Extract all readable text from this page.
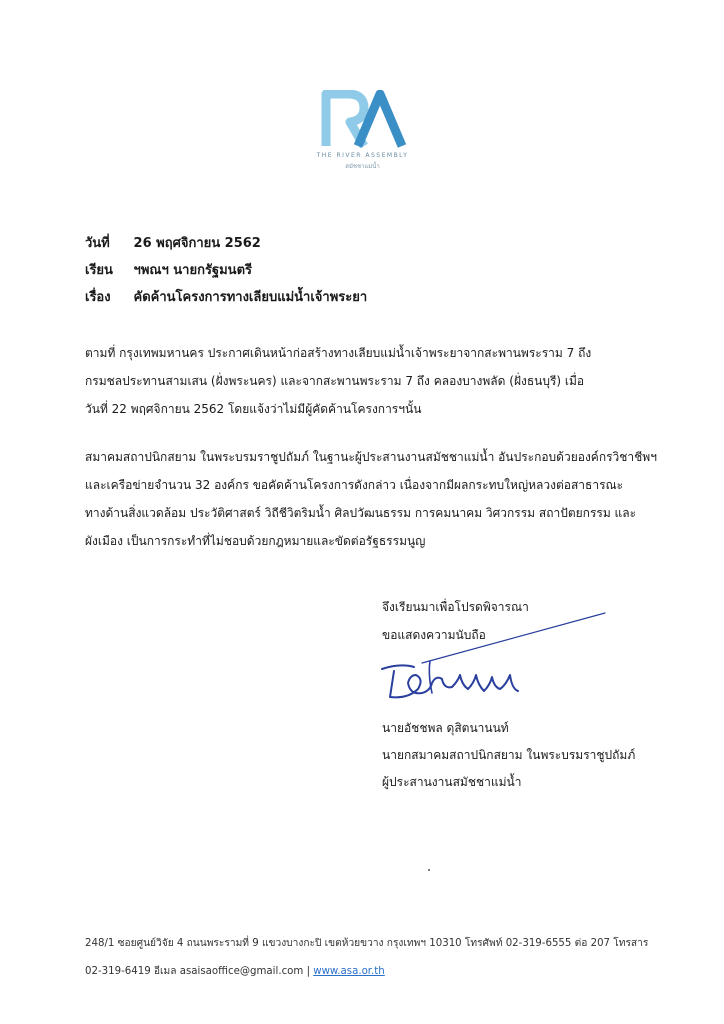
THE RIVER ASSEMBLY
สมัชชาแม่น้ำ
วันที่ 26 พฤศจิกายน 2562
เรียน ฯพณฯ นายกรัฐมนตรี
เรื่อง คัดค้านโครงการทางเลียบแม่น้ำเจ้าพระยา
ตามที่ กรุงเทพมหานคร ประกาศเดินหน้าก่อสร้างทางเลียบแม่น้ำเจ้าพระยาจากสะพานพระราม 7 ถึง
กรมชลประทานสามเสน (ฝั่งพระนคร) และจากสะพานพระราม 7 ถึง คลองบางพลัด (ฝั่งธนบุรี) เมื่อ
วันที่ 22 พฤศจิกายน 2562 โดยแจ้งว่าไม่มีผู้คัดค้านโครงการฯนั้น
สมาคมสถาปนิกสยาม ในพระบรมราชูปถัมภ์ ในฐานะผู้ประสานงานสมัชชาแม่น้ำ อันประกอบด้วยองค์กรวิชาชีพฯ
และเครือข่ายจำนวน 32 องค์กร ขอคัดค้านโครงการดังกล่าว เนื่องจากมีผลกระทบใหญ่หลวงต่อสาธารณะ
ทางด้านสิ่งแวดล้อม ประวัติศาสตร์ วิถีชีวิตริมน้ำ ศิลปวัฒนธรรม การคมนาคม วิศวกรรม สถาปัตยกรรม และ
ผังเมือง เป็นการกระทำที่ไม่ชอบด้วยกฎหมายและขัดต่อรัฐธรรมนูญ
จึงเรียนมาเพื่อโปรดพิจารณา
ขอแสดงความนับถือ
นายอัชชพล ดุสิตนานนท์
นายกสมาคมสถาปนิกสยาม ในพระบรมราชูปถัมภ์
ผู้ประสานงานสมัชชาแม่น้ำ
248/1 ซอยศูนย์วิจัย 4 ถนนพระรามที่ 9 แขวงบางกะปิ เขตห้วยขวาง กรุงเทพฯ 10310 โทรศัพท์ 02-319-6555 ต่อ 207 โทรสาร
02-319-6419 อีเมล asaisaoffice@gmail.com | www.asa.or.th
